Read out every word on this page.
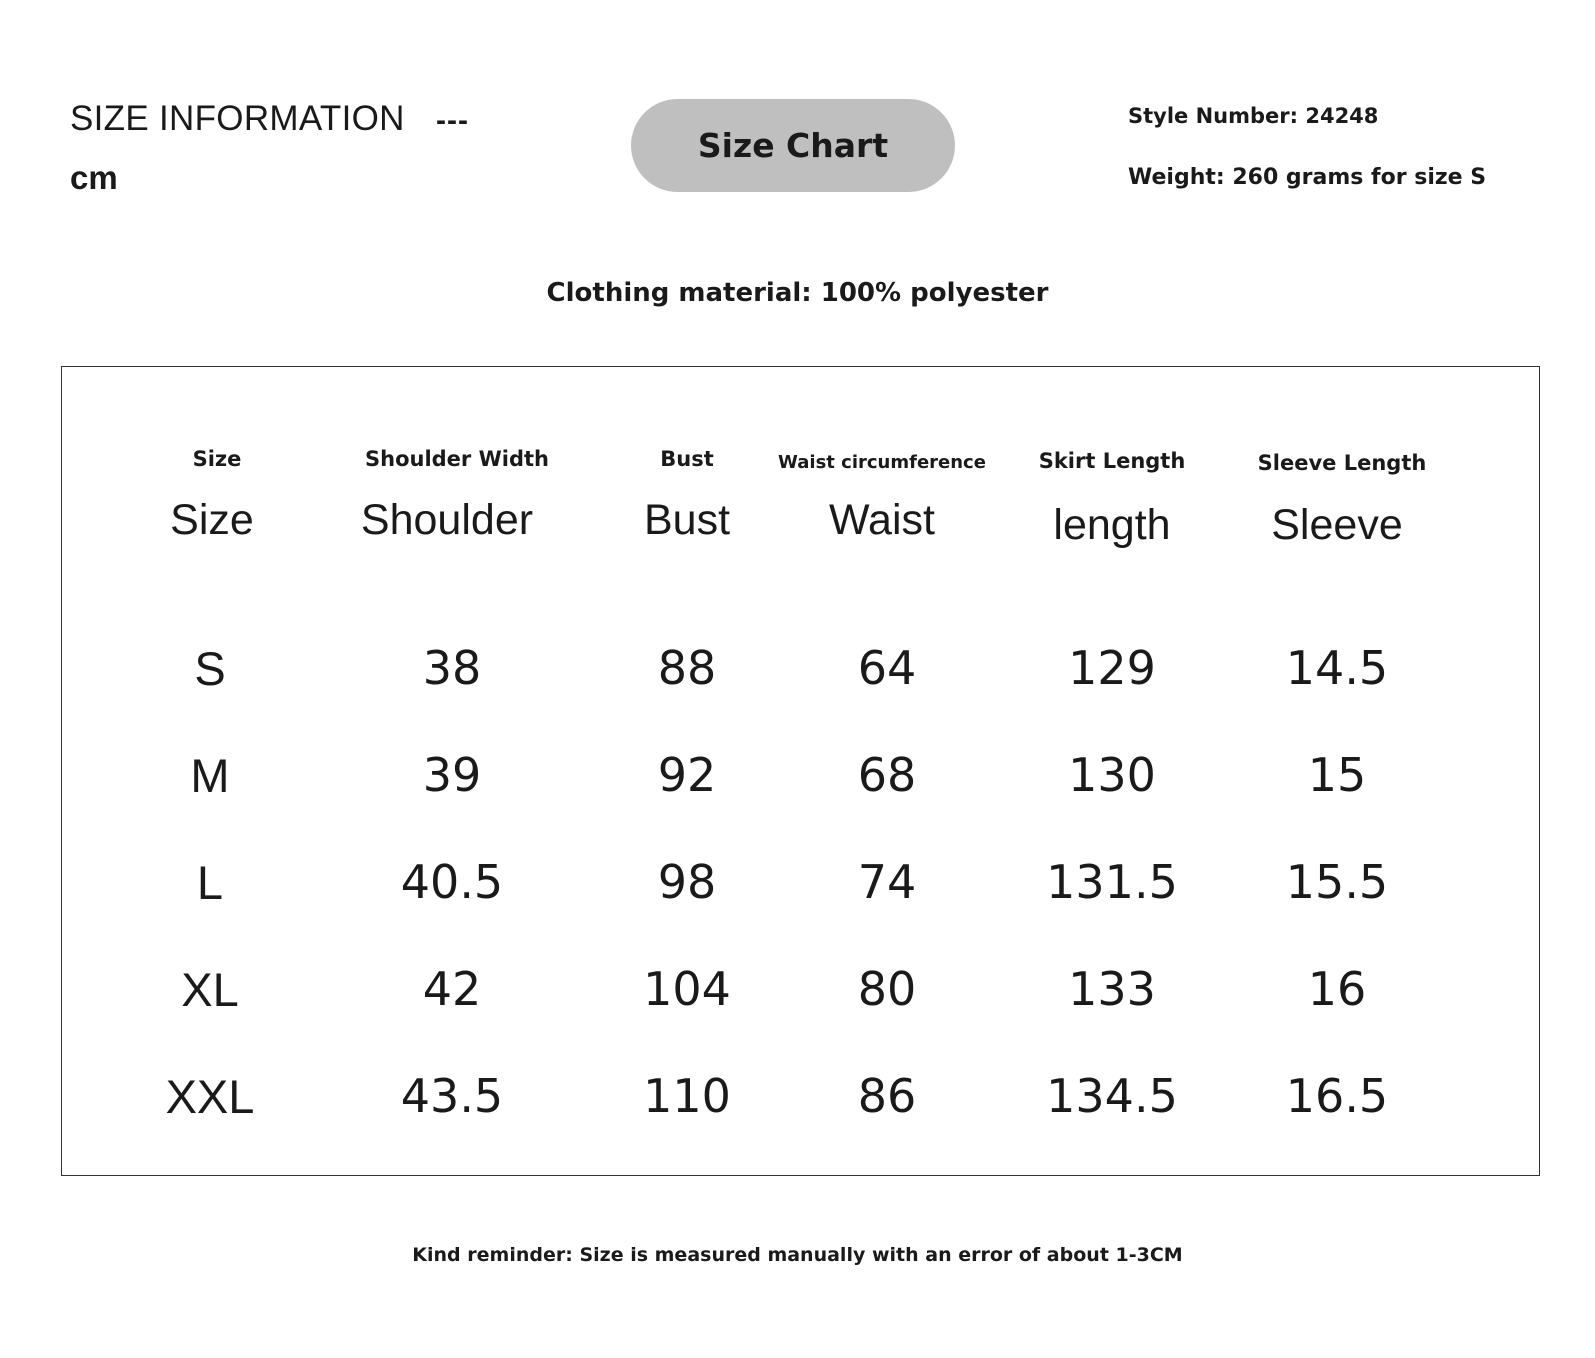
SIZE INFORMATION ---
cm
Size Chart
Style Number: 24248
Weight: 260 grams for size S
Clothing material: 100% polyester
Size	Shoulder Width	Bust	Waist circumference	Skirt Length	Sleeve Length
Size	Shoulder	Bust	Waist	length	Sleeve
S	38	88	64	129	14.5
M	39	92	68	130	15
L	40.5	98	74	131.5	15.5
XL	42	104	80	133	16
XXL	43.5	110	86	134.5	16.5
Kind reminder: Size is measured manually with an error of about 1-3CM
